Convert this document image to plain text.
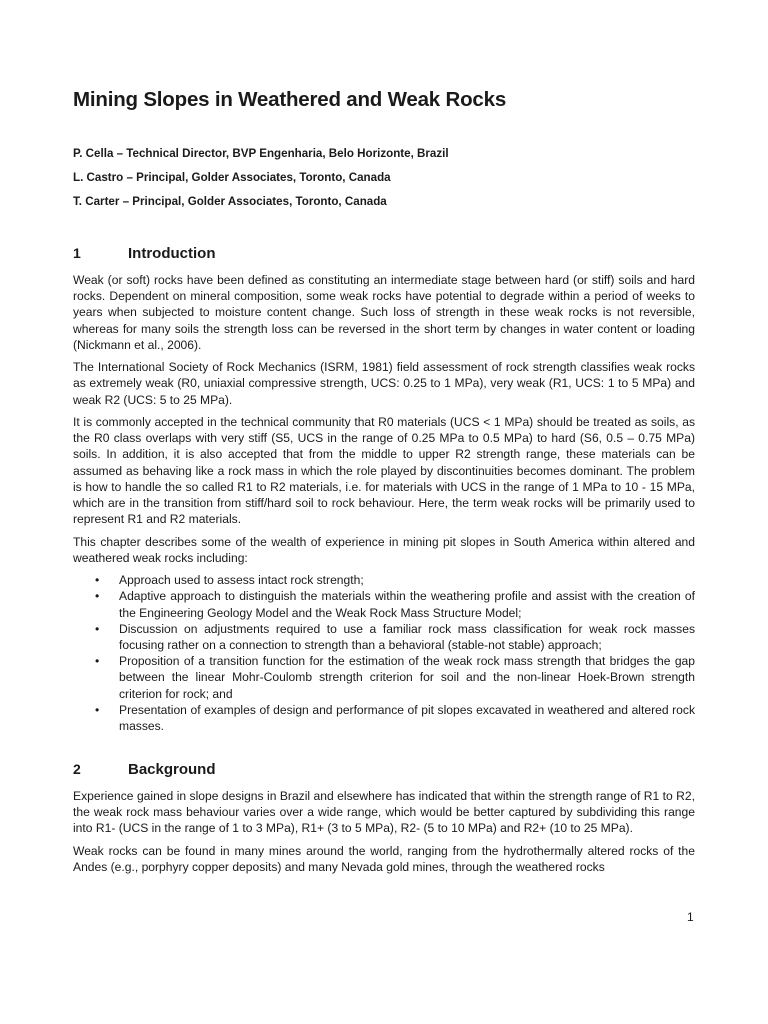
Mining Slopes in Weathered and Weak Rocks

P. Cella – Technical Director, BVP Engenharia, Belo Horizonte, Brazil

L. Castro – Principal, Golder Associates, Toronto, Canada

T. Carter – Principal, Golder Associates, Toronto, Canada

1	Introduction

Weak (or soft) rocks have been defined as constituting an intermediate stage between hard (or stiff) soils and hard rocks. Dependent on mineral composition, some weak rocks have potential to degrade within a period of weeks to years when subjected to moisture content change. Such loss of strength in these weak rocks is not reversible, whereas for many soils the strength loss can be reversed in the short term by changes in water content or loading (Nickmann et al., 2006).

The International Society of Rock Mechanics (ISRM, 1981) field assessment of rock strength classifies weak rocks as extremely weak (R0, uniaxial compressive strength, UCS: 0.25 to 1 MPa), very weak (R1, UCS: 1 to 5 MPa) and weak R2 (UCS: 5 to 25 MPa).

It is commonly accepted in the technical community that R0 materials (UCS < 1 MPa) should be treated as soils, as the R0 class overlaps with very stiff (S5, UCS in the range of 0.25 MPa to 0.5 MPa) to hard (S6, 0.5 – 0.75 MPa) soils. In addition, it is also accepted that from the middle to upper R2 strength range, these materials can be assumed as behaving like a rock mass in which the role played by discontinuities becomes dominant. The problem is how to handle the so called R1 to R2 materials, i.e. for materials with UCS in the range of 1 MPa to 10 - 15 MPa, which are in the transition from stiff/hard soil to rock behaviour. Here, the term weak rocks will be primarily used to represent R1 and R2 materials.

This chapter describes some of the wealth of experience in mining pit slopes in South America within altered and weathered weak rocks including:

• Approach used to assess intact rock strength;
• Adaptive approach to distinguish the materials within the weathering profile and assist with the creation of the Engineering Geology Model and the Weak Rock Mass Structure Model;
• Discussion on adjustments required to use a familiar rock mass classification for weak rock masses focusing rather on a connection to strength than a behavioral (stable-not stable) approach;
• Proposition of a transition function for the estimation of the weak rock mass strength that bridges the gap between the linear Mohr-Coulomb strength criterion for soil and the non-linear Hoek-Brown strength criterion for rock; and
• Presentation of examples of design and performance of pit slopes excavated in weathered and altered rock masses.
2	Background

Experience gained in slope designs in Brazil and elsewhere has indicated that within the strength range of R1 to R2, the weak rock mass behaviour varies over a wide range, which would be better captured by subdividing this range into R1- (UCS in the range of 1 to 3 MPa), R1+ (3 to 5 MPa), R2- (5 to 10 MPa) and R2+ (10 to 25 MPa).

Weak rocks can be found in many mines around the world, ranging from the hydrothermally altered rocks of the Andes (e.g., porphyry copper deposits) and many Nevada gold mines, through the weathered rocks

1
